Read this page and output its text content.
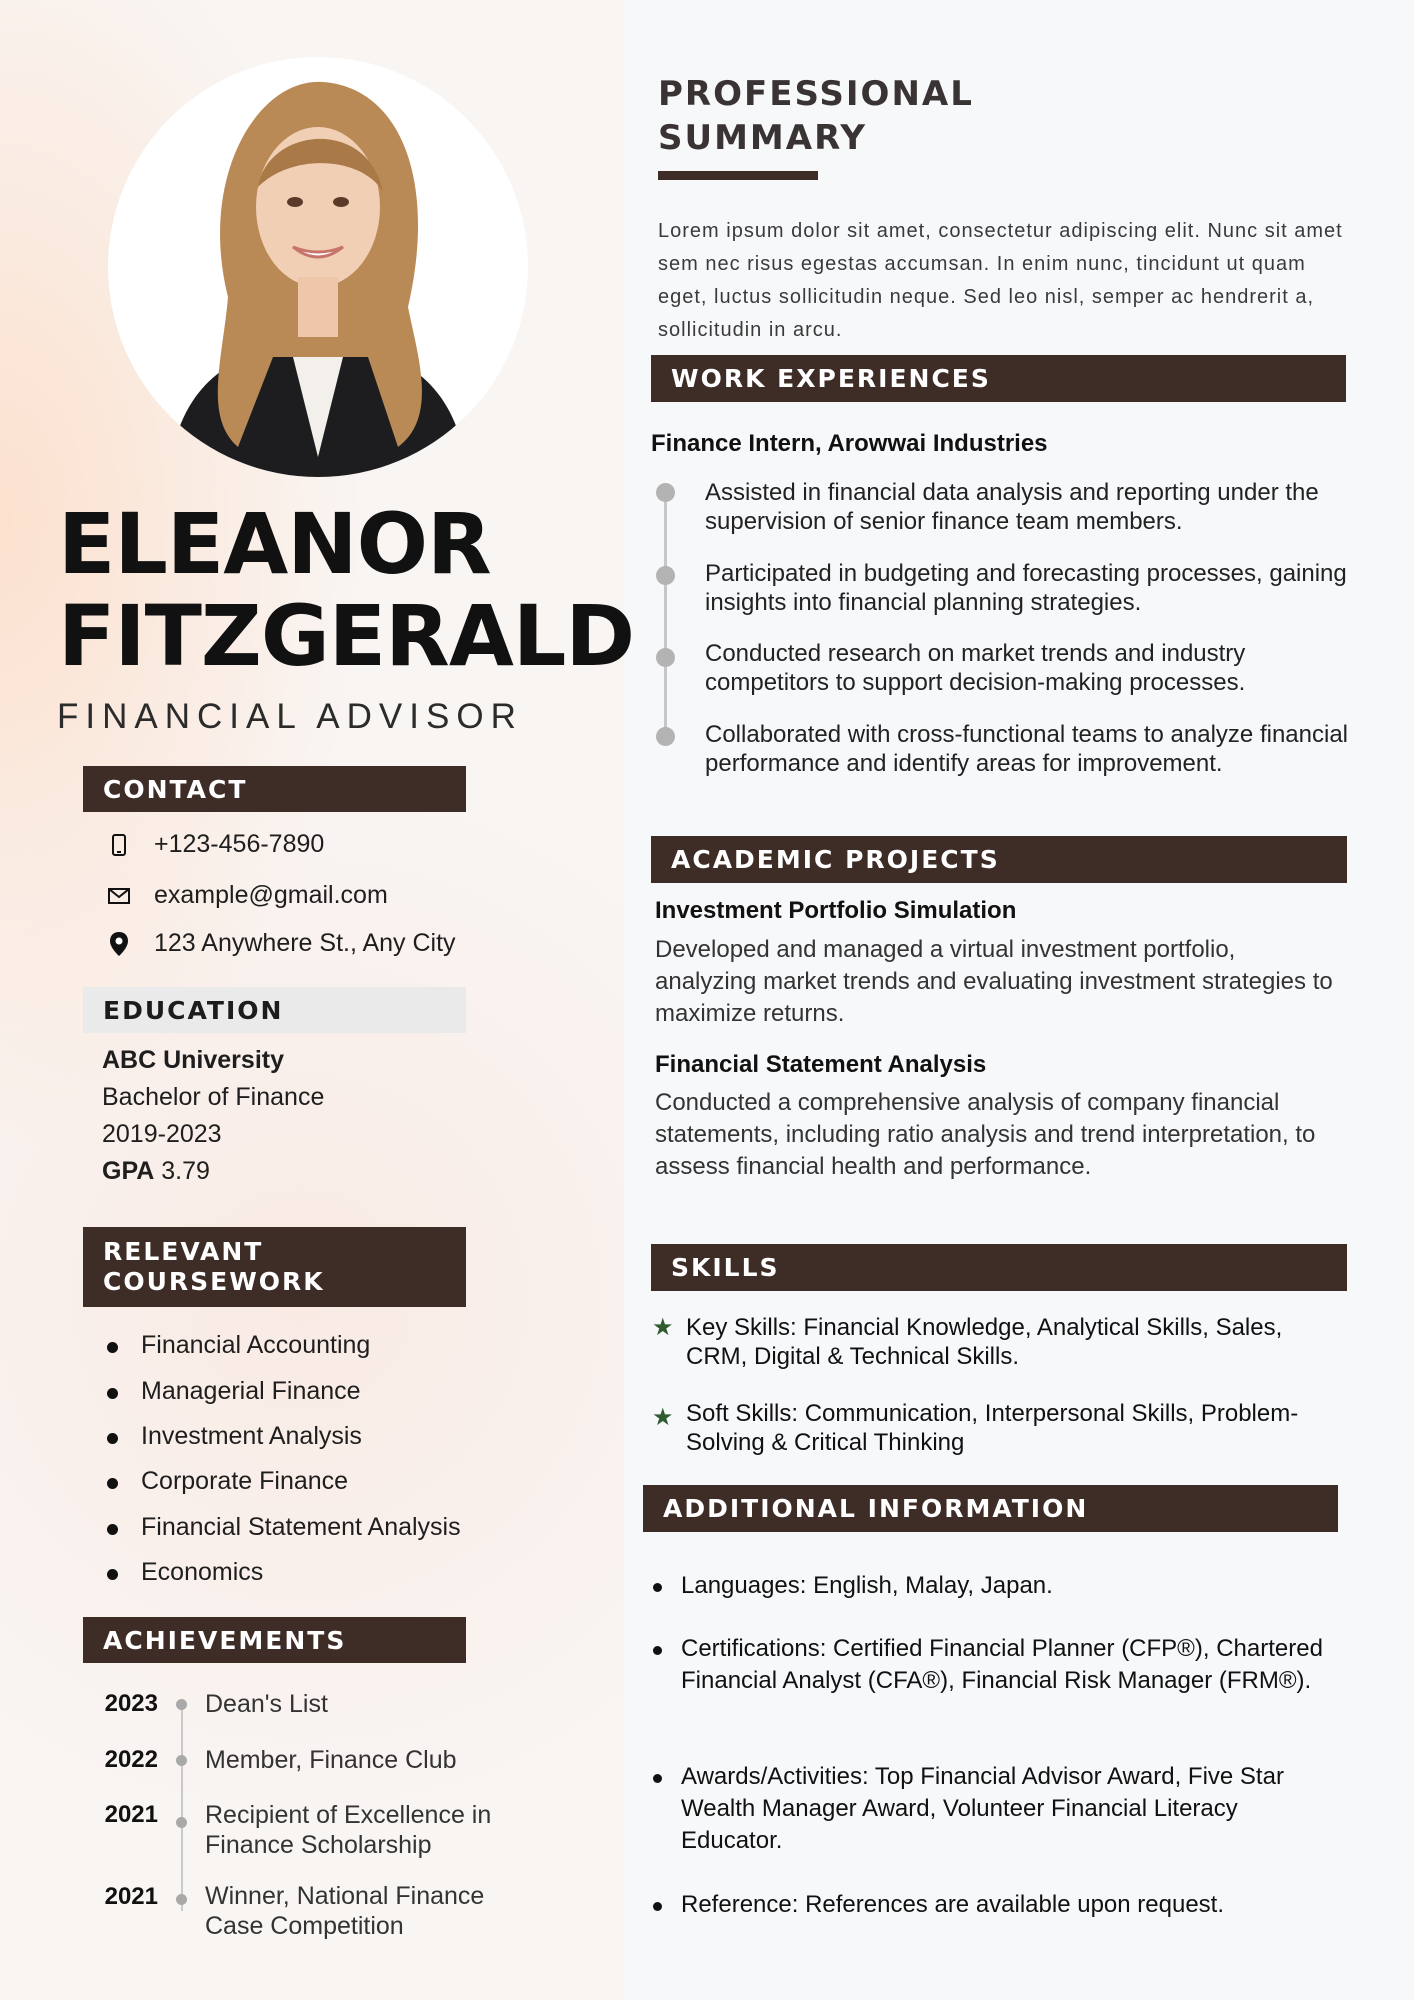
ELEANOR
FITZGERALD

FINANCIAL ADVISOR

CONTACT
+123-456-7890
example@gmail.com
123 Anywhere St., Any City
EDUCATION
ABC University
Bachelor of Finance
2019-2023
GPA 3.79
RELEVANT
COURSEWORK
Financial Accounting
Managerial Finance
Investment Analysis
Corporate Finance
Financial Statement Analysis
Economics
ACHIEVEMENTS
2023 Dean's List
2022 Member, Finance Club
2021 Recipient of Excellence in
Finance Scholarship
2021 Winner, National Finance
Case Competition
PROFESSIONAL
SUMMARY

Lorem ipsum dolor sit amet, consectetur adipiscing elit. Nunc sit amet sem nec risus egestas accumsan. In enim nunc, tincidunt ut quam eget, luctus sollicitudin neque. Sed leo nisl, semper ac hendrerit a, sollicitudin in arcu.

WORK EXPERIENCES
Finance Intern, Arowwai Industries
Assisted in financial data analysis and reporting under the supervision of senior finance team members.
Participated in budgeting and forecasting processes, gaining insights into financial planning strategies.
Conducted research on market trends and industry competitors to support decision-making processes.
Collaborated with cross-functional teams to analyze financial performance and identify areas for improvement.
ACADEMIC PROJECTS
Investment Portfolio Simulation
Developed and managed a virtual investment portfolio, analyzing market trends and evaluating investment strategies to maximize returns.
Financial Statement Analysis
Conducted a comprehensive analysis of company financial statements, including ratio analysis and trend interpretation, to assess financial health and performance.
SKILLS
★ Key Skills: Financial Knowledge, Analytical Skills, Sales, CRM, Digital & Technical Skills.
★ Soft Skills: Communication, Interpersonal Skills, Problem-Solving & Critical Thinking
ADDITIONAL INFORMATION
Languages: English, Malay, Japan.
Certifications: Certified Financial Planner (CFP®), Chartered Financial Analyst (CFA®), Financial Risk Manager (FRM®).
Awards/Activities: Top Financial Advisor Award, Five Star Wealth Manager Award, Volunteer Financial Literacy Educator.
Reference: References are available upon request.
